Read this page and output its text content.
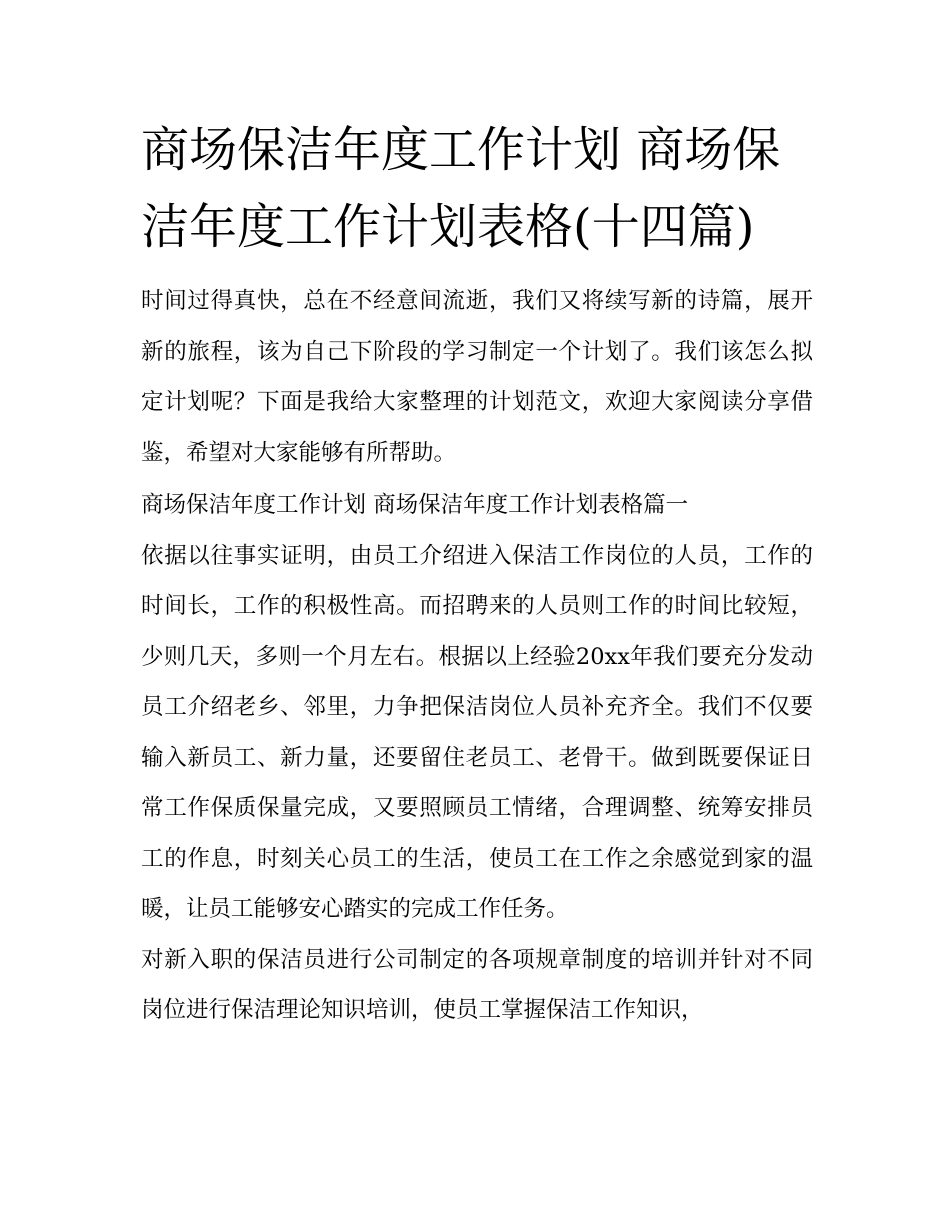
商场保洁年度工作计划 商场保洁年度工作计划表格(十四篇)

时间过得真快，总在不经意间流逝，我们又将续写新的诗篇，展开新的旅程，该为自己下阶段的学习制定一个计划了。我们该怎么拟定计划呢？下面是我给大家整理的计划范文，欢迎大家阅读分享借鉴，希望对大家能够有所帮助。

商场保洁年度工作计划 商场保洁年度工作计划表格篇一

依据以往事实证明，由员工介绍进入保洁工作岗位的人员，工作的时间长，工作的积极性高。而招聘来的人员则工作的时间比较短，少则几天，多则一个月左右。根据以上经验20xx年我们要充分发动员工介绍老乡、邻里，力争把保洁岗位人员补充齐全。我们不仅要输入新员工、新力量，还要留住老员工、老骨干。做到既要保证日常工作保质保量完成，又要照顾员工情绪，合理调整、统筹安排员工的作息，时刻关心员工的生活，使员工在工作之余感觉到家的温暖，让员工能够安心踏实的完成工作任务。

对新入职的保洁员进行公司制定的各项规章制度的培训并针对不同岗位进行保洁理论知识培训，使员工掌握保洁工作知识，
